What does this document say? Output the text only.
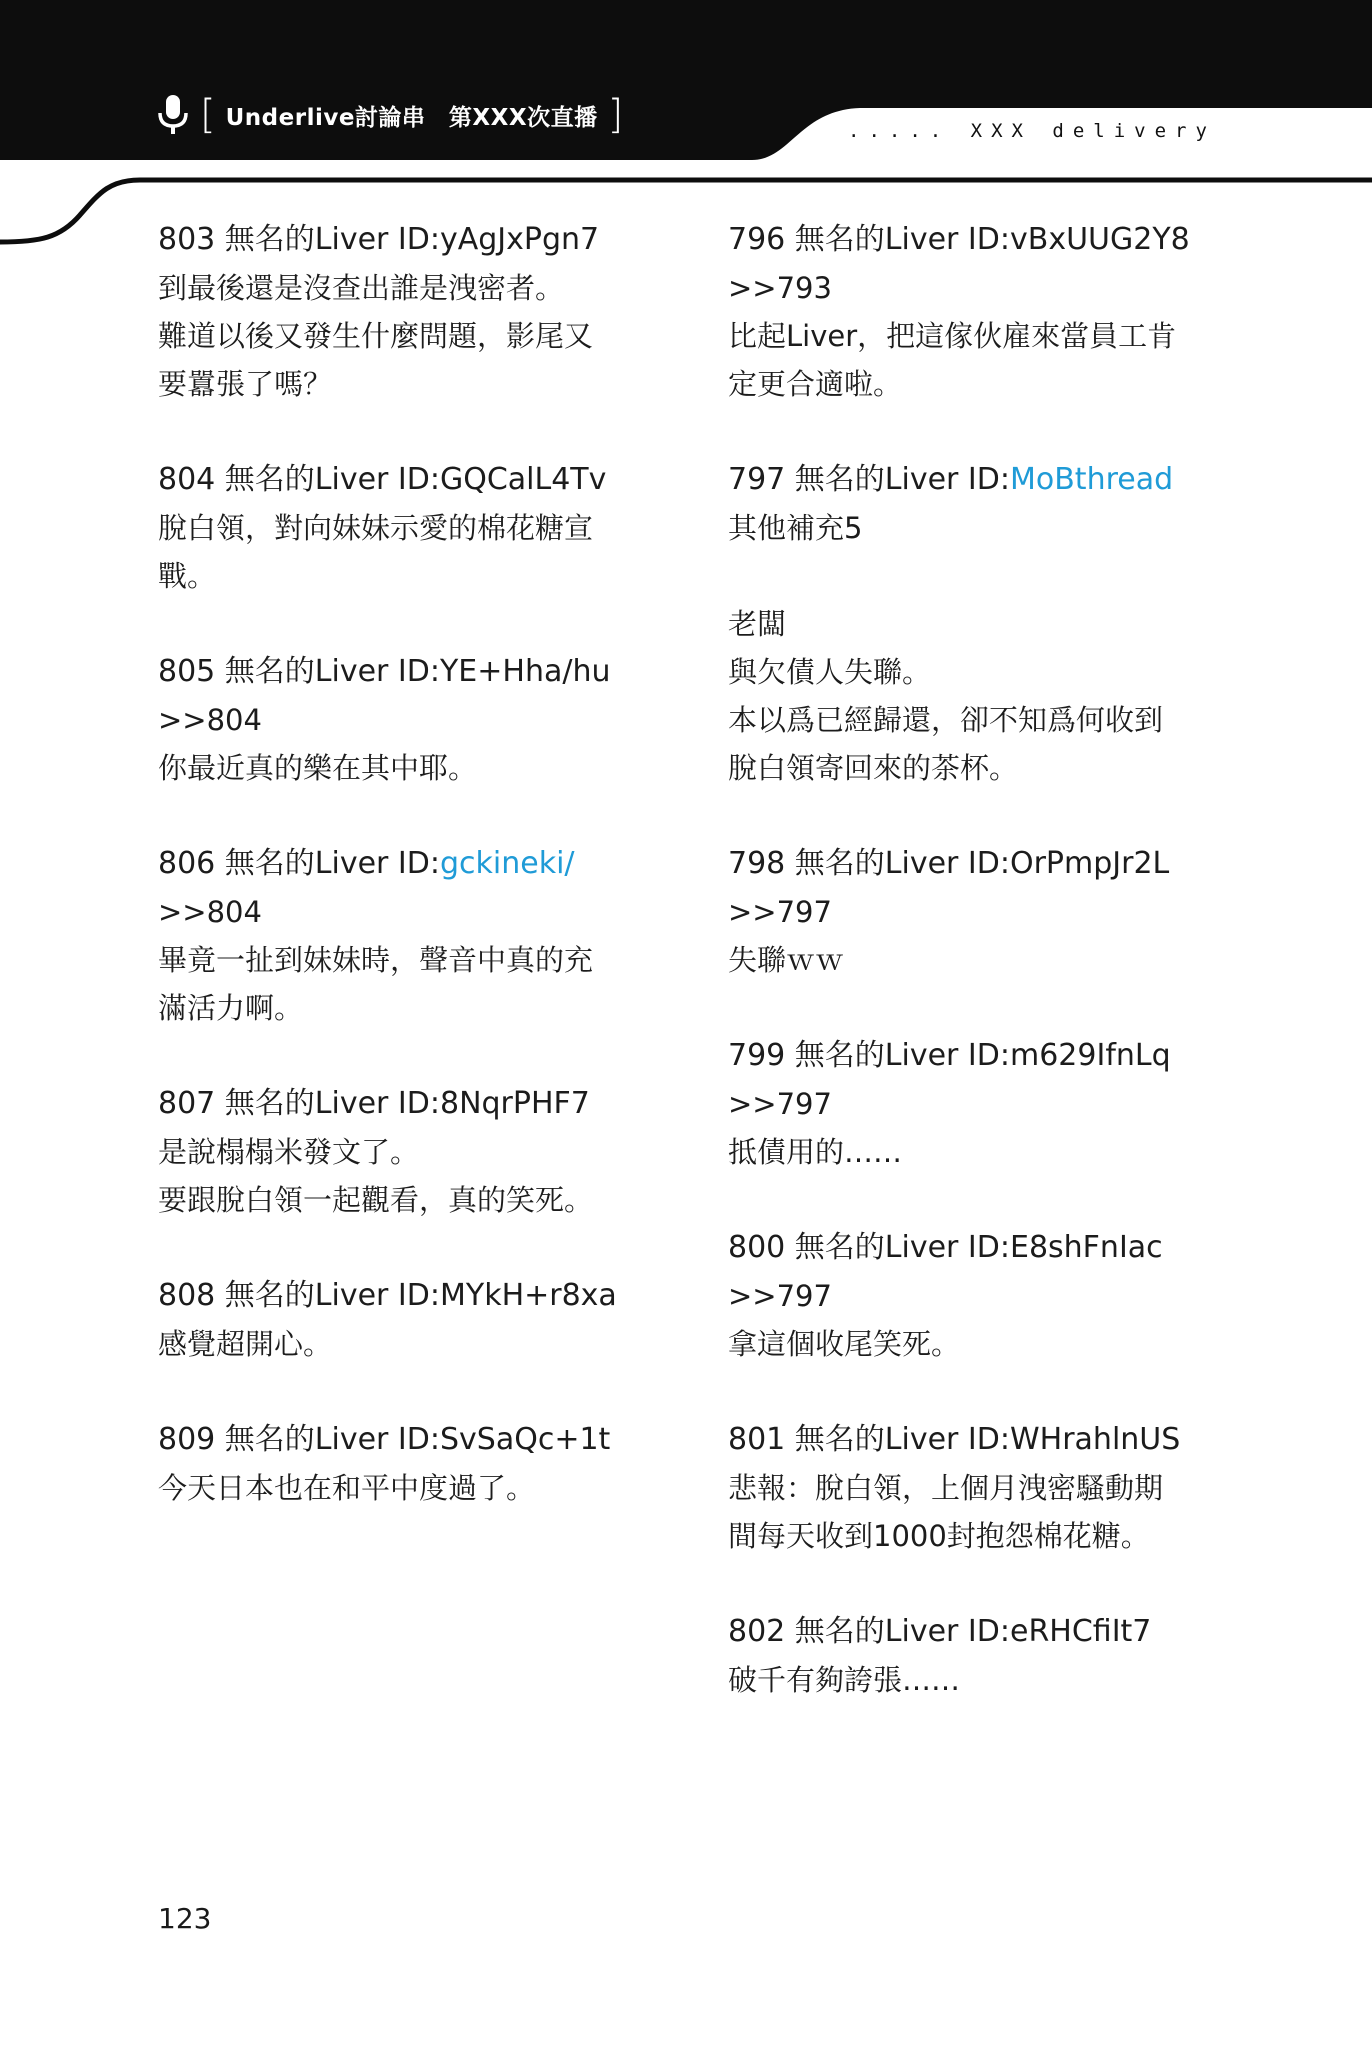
[ Underlive討論串　第XXX次直播 ]	..... XXX delivery
803 無名的Liver ID:yAgJxPgn7
到最後還是沒查出誰是洩密者。
難道以後又發生什麼問題，影尾又
要囂張了嗎？
804 無名的Liver ID:GQCalL4Tv
脫白領，對向妹妹示愛的棉花糖宣
戰。
805 無名的Liver ID:YE+Hha/hu
>>804
你最近真的樂在其中耶。
806 無名的Liver ID:gckineki/
>>804
畢竟一扯到妹妹時，聲音中真的充
滿活力啊。
807 無名的Liver ID:8NqrPHF7
是說榻榻米發文了。
要跟脫白領一起觀看，真的笑死。
808 無名的Liver ID:MYkH+r8xa
感覺超開心。
809 無名的Liver ID:SvSaQc+1t
今天日本也在和平中度過了。
796 無名的Liver ID:vBxUUG2Y8
>>793
比起Liver，把這傢伙雇來當員工肯
定更合適啦。
797 無名的Liver ID:MoBthread
其他補充5
老闆
與欠債人失聯。
本以爲已經歸還，卻不知爲何收到
脫白領寄回來的茶杯。
798 無名的Liver ID:OrPmpJr2L
>>797
失聯ｗｗ
799 無名的Liver ID:m629IfnLq
>>797
抵債用的……
800 無名的Liver ID:E8shFnIac
>>797
拿這個收尾笑死。
801 無名的Liver ID:WHrahlnUS
悲報：脫白領，上個月洩密騷動期
間每天收到1000封抱怨棉花糖。
802 無名的Liver ID:eRHCfiIt7
破千有夠誇張……
123
